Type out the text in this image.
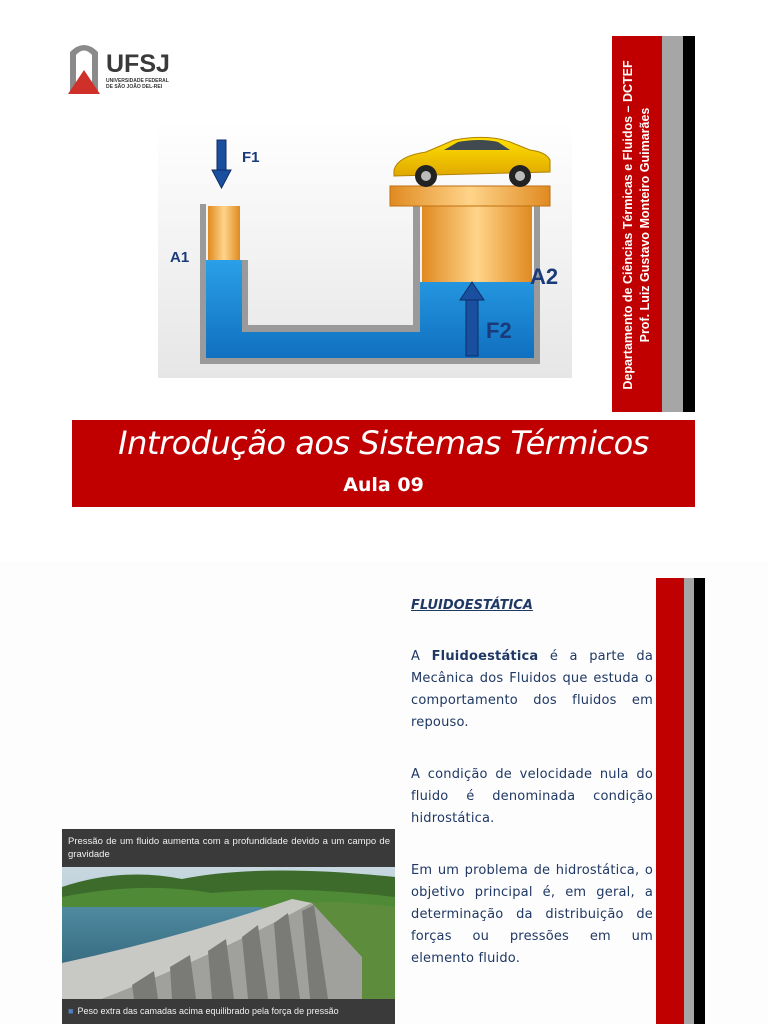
UFSJ
UNIVERSIDADE FEDERAL
DE SÃO JOÃO DEL-REI
F1
A1
A2
F2	Departamento de Ciências Térmicas e Fluidos – DCTEF Prof. Luiz Gustavo Monteiro Guimarães
Introdução aos Sistemas Térmicos
Aula 09
FLUIDOESTÁTICA
A Fluidoestática é a parte da Mecânica dos Fluidos que estuda o comportamento dos fluidos em repouso.
A condição de velocidade nula do fluido é denominada condição hidrostática.
Em um problema de hidrostática, o objetivo principal é, em geral, a determinação da distribuição de forças ou pressões em um elemento fluido.
Pressão de um fluido aumenta com a profundidade devido a um campo de gravidade
■ Peso extra das camadas acima equilibrado pela força de pressão
